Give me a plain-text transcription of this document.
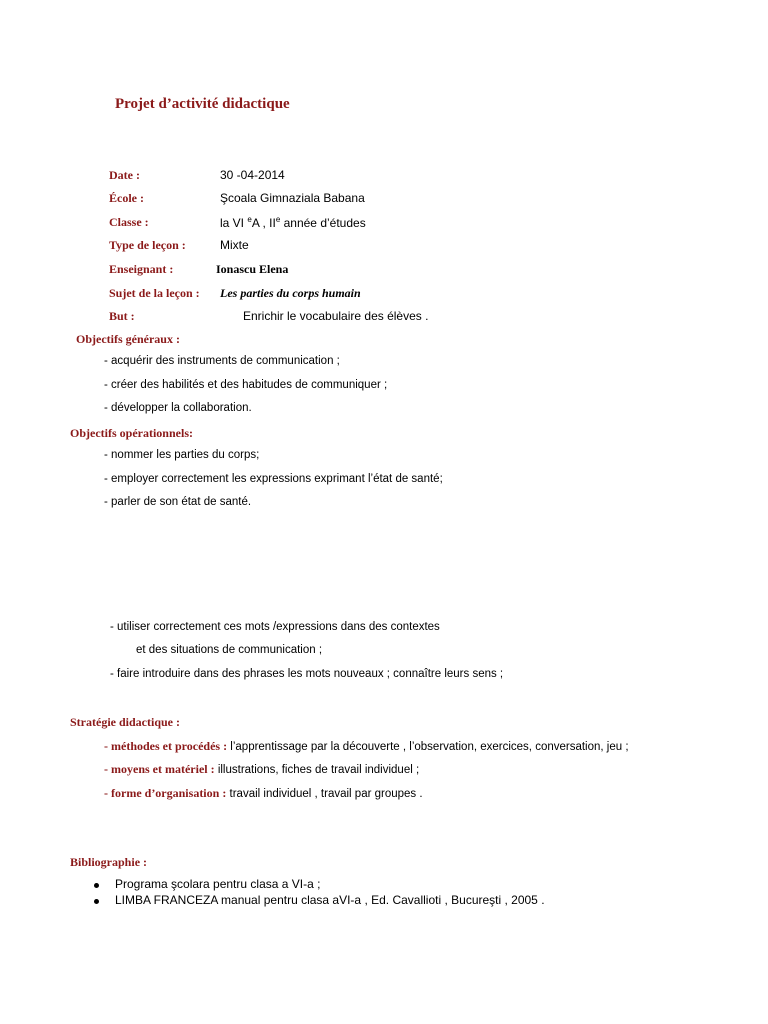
Projet d’activité didactique
Date :	30 -04-2014
École :	Şcoala Gimnaziala Babana
Classe :	la VI $^e$A , IIe année d’études
Type de leçon :	Mixte
Enseignant :	Ionascu Elena
Sujet de la leçon : Les parties du corps humain
But :	Enrichir le vocabulaire des élèves .
Objectifs généraux :
- acquérir des instruments de communication ;
- créer des habilités et des habitudes de communiquer ;
- développer la collaboration.
Objectifs opérationnels:
- nommer les parties du corps;
- employer correctement les expressions exprimant l’état de santé;
- parler de son état de santé.
- utiliser correctement ces mots /expressions dans des contextes
et des situations de communication ;
- faire introduire dans des phrases les mots nouveaux ; connaître leurs sens ;
Stratégie didactique :
- méthodes et procédés : l’apprentissage par la découverte , l’observation, exercices, conversation, jeu ;
- moyens et matériel : illustrations, fiches de travail individuel ;
- forme d’organisation : travail individuel , travail par groupes .
Bibliographie :
Programa şcolara pentru clasa a VI-a ;
LIMBA FRANCEZA manual pentru clasa aVI-a , Ed. Cavallioti , Bucureşti , 2005 .
